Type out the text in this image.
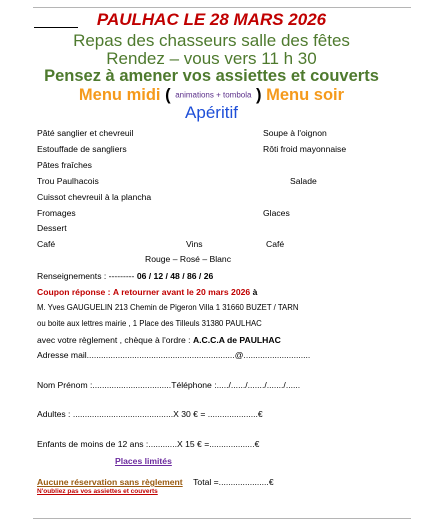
PAULHAC LE 28 MARS 2026
Repas des chasseurs salle des fêtes
Rendez – vous vers 11 h 30
Pensez à amener vos assiettes et couverts
Menu midi ( animations + tombola ) Menu soir
Apéritif
Pâté sanglier et chevreuil
Estouffade de sangliers
Pâtes fraîches
Trou Paulhacois
Cuissot chevreuil à la plancha
Fromages
Dessert
Café
Soupe à l'oignon
Rôti froid mayonnaise
Salade
Glaces
Café
Vins
Rouge – Rosé – Blanc
Renseignements : --------- 06 / 12 / 48 / 86 / 26
Coupon réponse : A retourner avant le 20 mars 2026 à
M. Yves GAUGUELIN 213 Chemin de Pigeron Villa 1 31660 BUZET / TARN
ou boite aux lettres mairie , 1 Place des Tilleuls 31380 PAULHAC
avec votre règlement , chèque à l'ordre : A.C.C.A de PAULHAC
Adresse mail..............................................................@............................
Nom Prénom :.................................Téléphone :...../....../......./......./......
Adultes : ..........................................X 30 € = .....................€
Enfants de moins de 12 ans :............X 15 € =...................€
Places limités
Aucune réservation sans règlement Total =.....................€
N'oubliez pas vos assiettes et couverts
